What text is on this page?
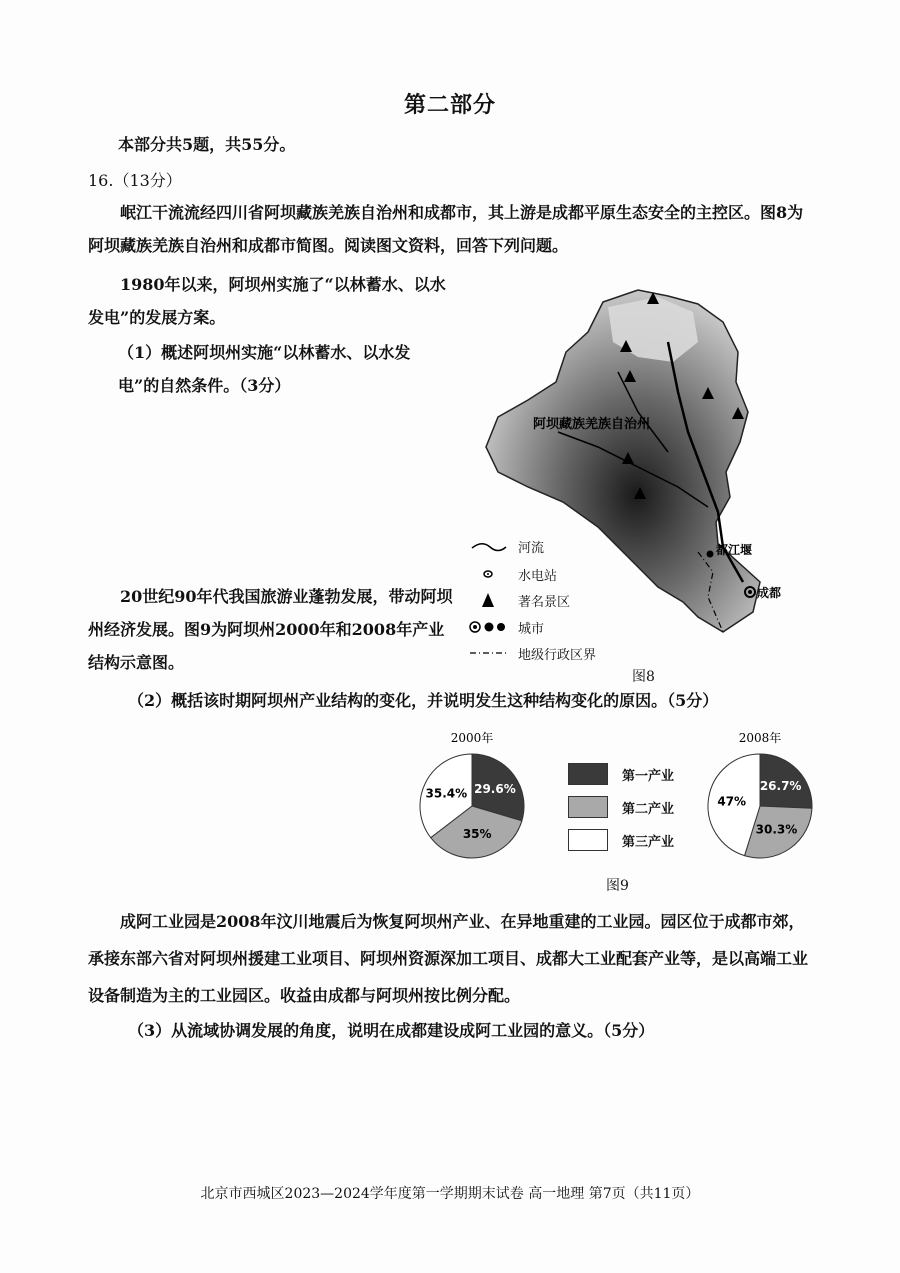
第二部分
本部分共5题，共55分。
16.（13分）
岷江干流流经四川省阿坝藏族羌族自治州和成都市，其上游是成都平原生态安全的主控区。图8为阿坝藏族羌族自治州和成都市简图。阅读图文资料，回答下列问题。
1980年以来，阿坝州实施了“以林蓄水、以水发电”的发展方案。
（1）概述阿坝州实施“以林蓄水、以水发电”的自然条件。（3分）
阿坝藏族羌族自治州
都江堰
成都
河流
水电站
著名景区
城市
地级行政区界
图8
20世纪90年代我国旅游业蓬勃发展，带动阿坝州经济发展。图9为阿坝州2000年和2008年产业结构示意图。
（2）概括该时期阿坝州产业结构的变化，并说明发生这种结构变化的原因。（5分）
2000年
29.6%
35%
35.4%
2008年
26.7%
30.3%
47%
第一产业
第二产业
第三产业
图9
成阿工业园是2008年汶川地震后为恢复阿坝州产业、在异地重建的工业园。园区位于成都市郊，承接东部六省对阿坝州援建工业项目、阿坝州资源深加工项目、成都大工业配套产业等，是以高端工业设备制造为主的工业园区。收益由成都与阿坝州按比例分配。
（3）从流域协调发展的角度，说明在成都建设成阿工业园的意义。（5分）
北京市西城区2023—2024学年度第一学期期末试卷 高一地理 第7页（共11页）
